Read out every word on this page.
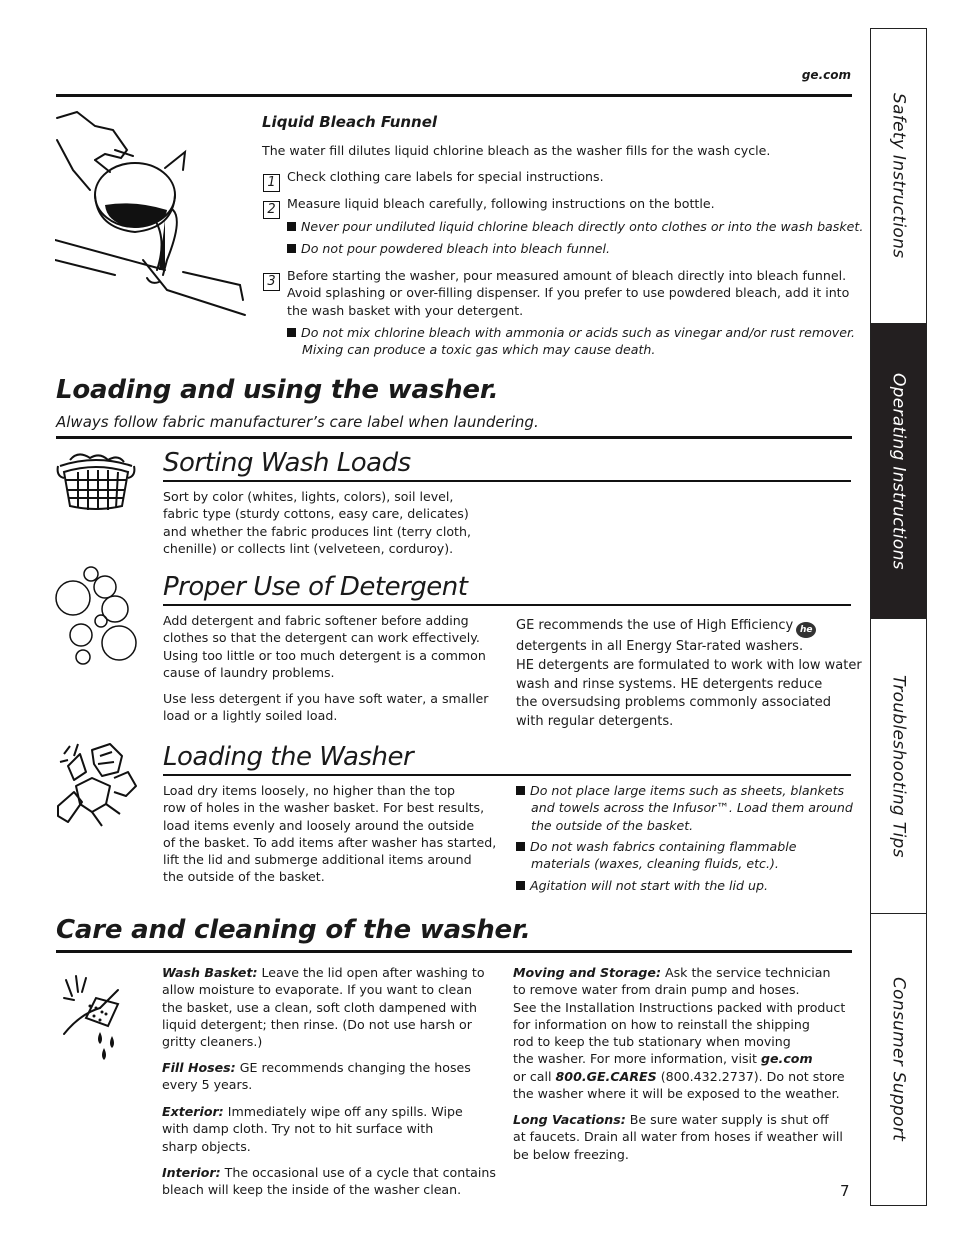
ge.com
Safety Instructions
Operating Instructions
Troubleshooting Tips
Consumer Support
Liquid Bleach Funnel
The water fill dilutes liquid chlorine bleach as the washer fills for the wash cycle.
1 Check clothing care labels for special instructions.
2 Measure liquid bleach carefully, following instructions on the bottle.
Never pour undiluted liquid chlorine bleach directly onto clothes or into the wash basket.
Do not pour powdered bleach into bleach funnel.
3 Before starting the washer, pour measured amount of bleach directly into bleach funnel.
Avoid splashing or over-filling dispenser. If you prefer to use powdered bleach, add it into
the wash basket with your detergent.
Do not mix chlorine bleach with ammonia or acids such as vinegar and/or rust remover.
Mixing can produce a toxic gas which may cause death.
Loading and using the washer.
Always follow fabric manufacturer’s care label when laundering.
Sorting Wash Loads
Sort by color (whites, lights, colors), soil level,
fabric type (sturdy cottons, easy care, delicates)
and whether the fabric produces lint (terry cloth,
chenille) or collects lint (velveteen, corduroy).
Proper Use of Detergent
Add detergent and fabric softener before adding
clothes so that the detergent can work effectively.
Using too little or too much detergent is a common
cause of laundry problems.
Use less detergent if you have soft water, a smaller
load or a lightly soiled load.
GE recommends the use of High Efficiency he
detergents in all Energy Star-rated washers.
HE detergents are formulated to work with low water
wash and rinse systems. HE detergents reduce
the oversudsing problems commonly associated
with regular detergents.
Loading the Washer
Load dry items loosely, no higher than the top
row of holes in the washer basket. For best results,
load items evenly and loosely around the outside
of the basket. To add items after washer has started,
lift the lid and submerge additional items around
the outside of the basket.
Do not place large items such as sheets, blankets
and towels across the Infusor™. Load them around
the outside of the basket.
Do not wash fabrics containing flammable
materials (waxes, cleaning fluids, etc.).
Agitation will not start with the lid up.
Care and cleaning of the washer.
Wash Basket: Leave the lid open after washing to
allow moisture to evaporate. If you want to clean
the basket, use a clean, soft cloth dampened with
liquid detergent; then rinse. (Do not use harsh or
gritty cleaners.)
Fill Hoses: GE recommends changing the hoses
every 5 years.
Exterior: Immediately wipe off any spills. Wipe
with damp cloth. Try not to hit surface with
sharp objects.
Interior: The occasional use of a cycle that contains
bleach will keep the inside of the washer clean.
Moving and Storage: Ask the service technician
to remove water from drain pump and hoses.
See the Installation Instructions packed with product
for information on how to reinstall the shipping
rod to keep the tub stationary when moving
the washer. For more information, visit ge.com
or call 800.GE.CARES (800.432.2737). Do not store
the washer where it will be exposed to the weather.
Long Vacations: Be sure water supply is shut off
at faucets. Drain all water from hoses if weather will
be below freezing.
7
